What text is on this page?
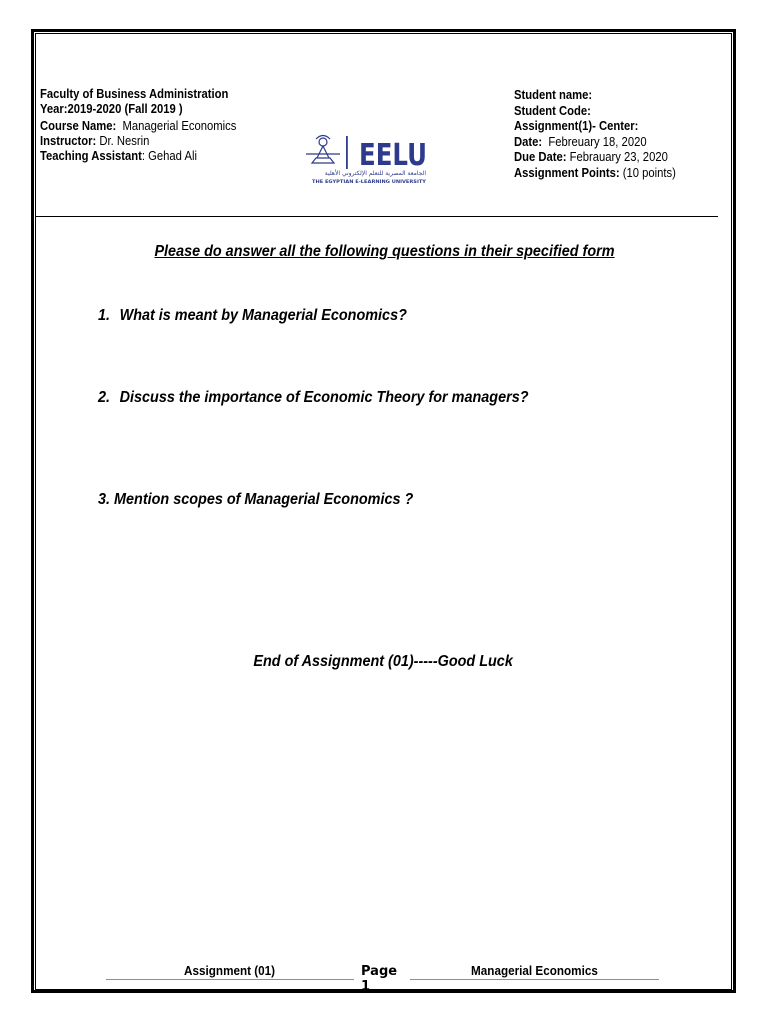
Faculty of Business Administration
Year:2019-2020 (Fall 2019 )
Course Name: Managerial Economics
Instructor: Dr. Nesrin
Teaching Assistant: Gehad Ali	EELU
الجامعة المصرية للتعلم الإلكتروني الأهلية
THE EGYPTIAN E-LEARNING UNIVERSITY
Student name:
Student Code:
Assignment(1)- Center:
Date: Febreuary 18, 2020
Due Date: Febrauary 23, 2020
Assignment Points: (10 points)
Please do answer all the following questions in their specified form
1. What is meant by Managerial Economics?
2. Discuss the importance of Economic Theory for managers?
3. Mention scopes of Managerial Economics ?
End of Assignment (01)-----Good Luck
Assignment (01)	Page
1
Managerial Economics
